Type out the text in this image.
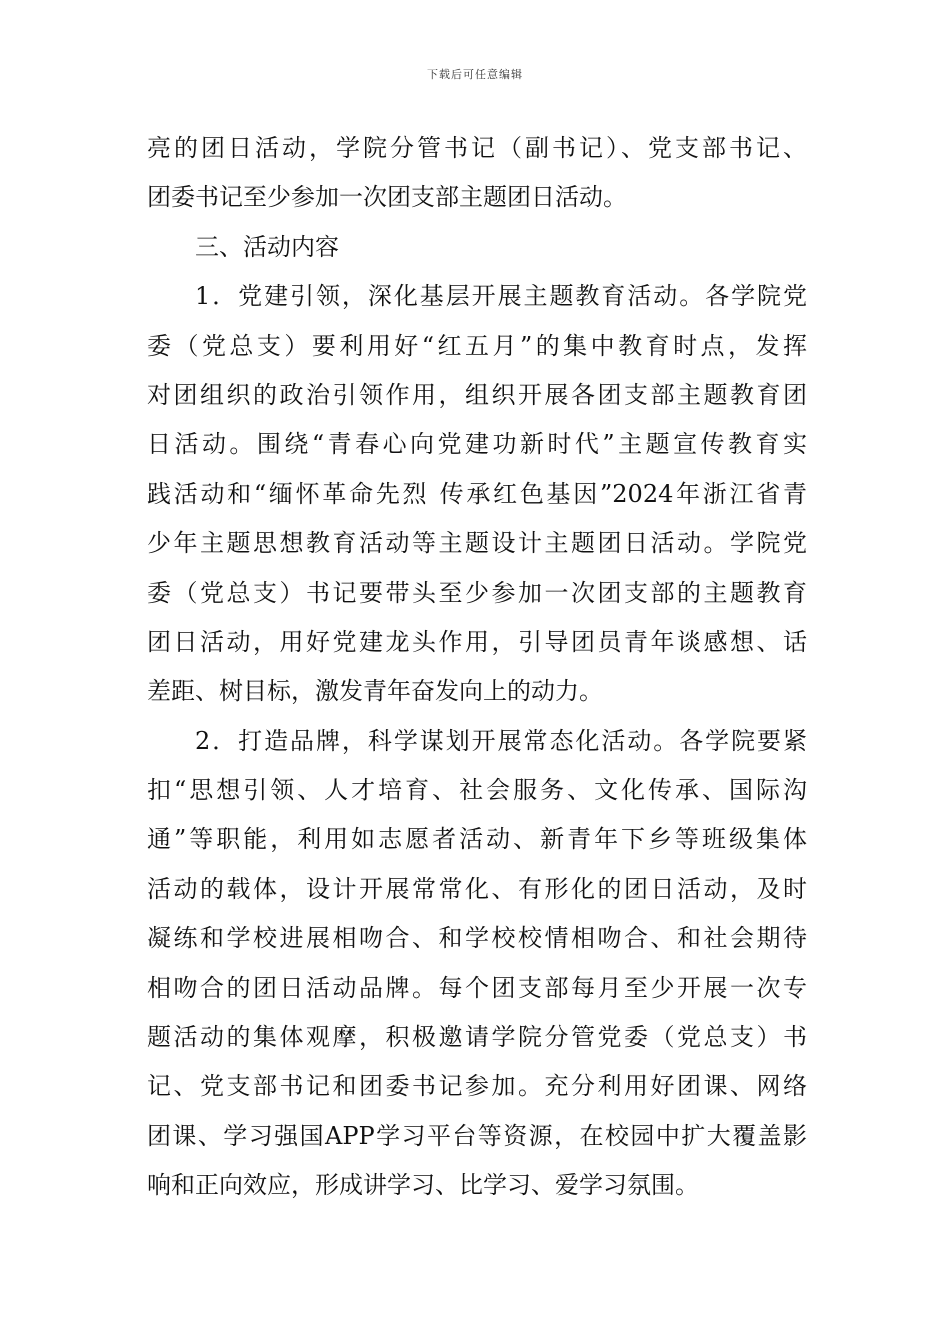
下载后可任意编辑
亮的团日活动，学院分管书记（副书记）、党支部书记、
团委书记至少参加一次团支部主题团日活动。
三、活动内容
1．党建引领，深化基层开展主题教育活动。各学院党
委（党总支）要利用好“红五月”的集中教育时点，发挥
对团组织的政治引领作用，组织开展各团支部主题教育团
日活动。围绕“青春心向党建功新时代”主题宣传教育实
践活动和“缅怀革命先烈 传承红色基因”2024年浙江省青
少年主题思想教育活动等主题设计主题团日活动。学院党
委（党总支）书记要带头至少参加一次团支部的主题教育
团日活动，用好党建龙头作用，引导团员青年谈感想、话
差距、树目标，激发青年奋发向上的动力。
2．打造品牌，科学谋划开展常态化活动。各学院要紧
扣“思想引领、人才培育、社会服务、文化传承、国际沟
通”等职能，利用如志愿者活动、新青年下乡等班级集体
活动的载体，设计开展常常化、有形化的团日活动，及时
凝练和学校进展相吻合、和学校校情相吻合、和社会期待
相吻合的团日活动品牌。每个团支部每月至少开展一次专
题活动的集体观摩，积极邀请学院分管党委（党总支）书
记、党支部书记和团委书记参加。充分利用好团课、网络
团课、学习强国APP学习平台等资源，在校园中扩大覆盖影
响和正向效应，形成讲学习、比学习、爱学习氛围。
